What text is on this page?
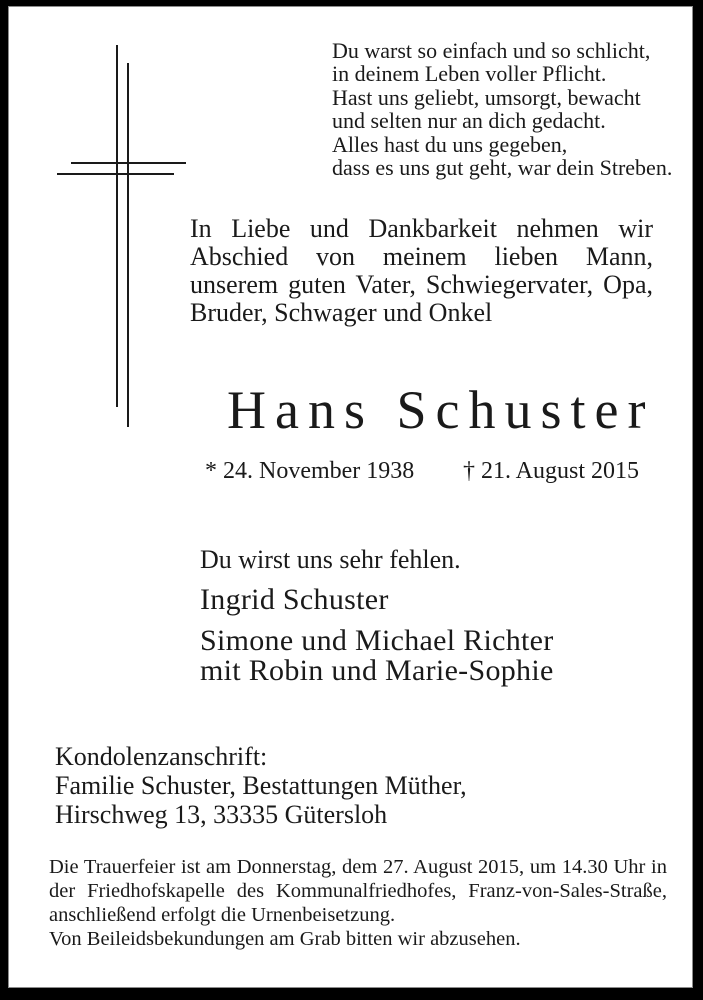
Du warst so einfach und so schlicht,
in deinem Leben voller Pflicht.
Hast uns geliebt, umsorgt, bewacht
und selten nur an dich gedacht.
Alles hast du uns gegeben,
dass es uns gut geht, war dein Streben.
In Liebe und Dankbarkeit nehmen wir
Abschied von meinem lieben Mann,
unserem guten Vater, Schwiegervater, Opa,
Bruder, Schwager und Onkel
Hans Schuster
* 24. November 1938 † 21. August 2015
Du wirst uns sehr fehlen.
Ingrid Schuster
Simone und Michael Richter
mit Robin und Marie-Sophie
Kondolenzanschrift:
Familie Schuster, Bestattungen Müther,
Hirschweg 13, 33335 Gütersloh

Die Trauerfeier ist am Donnerstag, dem 27. August 2015, um 14.30 Uhr in
der Friedhofskapelle des Kommunalfriedhofes, Franz-von-Sales-Straße,
anschließend erfolgt die Urnenbeisetzung.

Von Beileidsbekundungen am Grab bitten wir abzusehen.
